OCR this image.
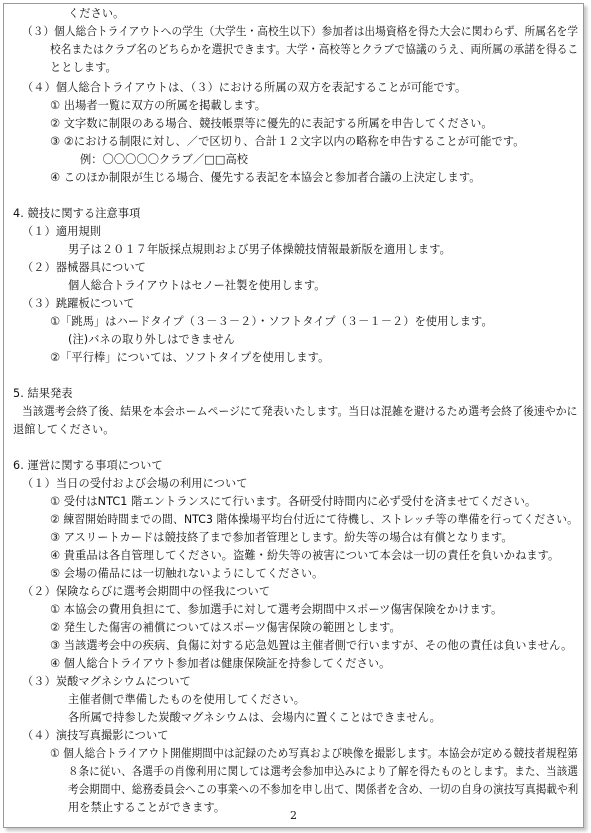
ください。
（３）個人総合トライアウトへの学生（大学生・高校生以下）参加者は出場資格を得た大会に関わらず、所属名を学
校名またはクラブ名のどちらかを選択できます。大学・高校等とクラブで協議のうえ、両所属の承諾を得るこ
ととします。
（４）個人総合トライアウトは、（３）における所属の双方を表記することが可能です。
① 出場者一覧に双方の所属を掲載します。
② 文字数に制限のある場合、競技帳票等に優先的に表記する所属を申告してください。
③ ②における制限に対し、／で区切り、合計１２文字以内の略称を申告することが可能です。
例：〇〇〇〇〇クラブ／□□高校
④ このほか制限が生じる場合、優先する表記を本協会と参加者合議の上決定します。
4. 競技に関する注意事項
（１）適用規則
男子は２０１７年版採点規則および男子体操競技情報最新版を適用します。
（２）器械器具について
個人総合トライアウトはセノー社製を使用します。
（３）跳躍板について
①「跳馬」はハードタイプ（３－３－２）・ソフトタイプ（３－１－２）を使用します。
(注)バネの取り外しはできません
②「平行棒」については、ソフトタイプを使用します。
5. 結果発表
当該選考会終了後、結果を本会ホームページにて発表いたします。当日は混雑を避けるため選考会終了後速やかに
退館してください。
6. 運営に関する事項について
（１）当日の受付および会場の利用について
① 受付はNTC1 階エントランスにて行います。各研受付時間内に必ず受付を済ませてください。
② 練習開始時間までの間、NTC3 階体操場平均台付近にて待機し、ストレッチ等の準備を行ってください。
③ アスリートカードは競技終了まで参加者管理とします。紛失等の場合は有償となります。
④ 貴重品は各自管理してください。盗難・紛失等の被害について本会は一切の責任を負いかねます。
⑤ 会場の備品には一切触れないようにしてください。
（２）保険ならびに選考会期間中の怪我について
① 本協会の費用負担にて、参加選手に対して選考会期間中スポーツ傷害保険をかけます。
② 発生した傷害の補償についてはスポーツ傷害保険の範囲とします。
③ 当該選考会中の疾病、負傷に対する応急処置は主催者側で行いますが、その他の責任は負いません。
④ 個人総合トライアウト参加者は健康保険証を持参してください。
（３）炭酸マグネシウムについて
主催者側で準備したものを使用してください。
各所属で持参した炭酸マグネシウムは、会場内に置くことはできません。
（４）演技写真撮影について
① 個人総合トライアウト開催期間中は記録のため写真および映像を撮影します。本協会が定める競技者規程第
８条に従い、各選手の肖像利用に関しては選考会参加申込みにより了解を得たものとします。また、当該選
考会期間中、総務委員会へこの事業への不参加を申し出て、関係者を含め、一切の自身の演技写真掲載や利
用を禁止することができます。
2
